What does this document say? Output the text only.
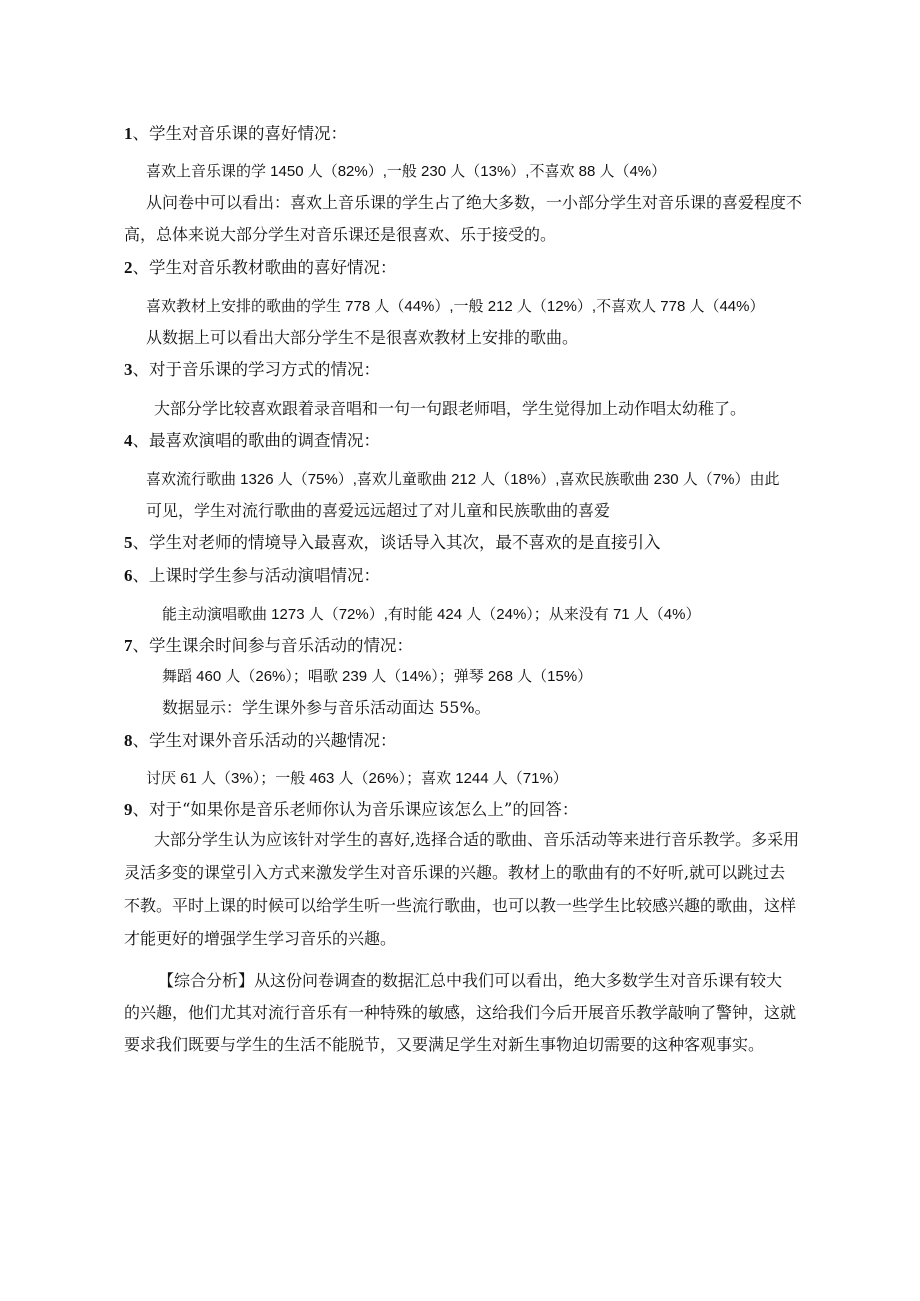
1、学生对音乐课的喜好情况：
喜欢上音乐课的学 1450 人（82%）,一般 230 人（13%）,不喜欢 88 人（4%）
从问卷中可以看出：喜欢上音乐课的学生占了绝大多数，一小部分学生对音乐课的喜爱程度不
高，总体来说大部分学生对音乐课还是很喜欢、乐于接受的。
2、学生对音乐教材歌曲的喜好情况：
喜欢教材上安排的歌曲的学生 778 人（44%）,一般 212 人（12%）,不喜欢人 778 人（44%）
从数据上可以看出大部分学生不是很喜欢教材上安排的歌曲。
3、对于音乐课的学习方式的情况：
大部分学比较喜欢跟着录音唱和一句一句跟老师唱，学生觉得加上动作唱太幼稚了。
4、最喜欢演唱的歌曲的调查情况：
喜欢流行歌曲 1326 人（75%）,喜欢儿童歌曲 212 人（18%）,喜欢民族歌曲 230 人（7%）由此
可见，学生对流行歌曲的喜爱远远超过了对儿童和民族歌曲的喜爱
5、学生对老师的情境导入最喜欢，谈话导入其次，最不喜欢的是直接引入
6、上课时学生参与活动演唱情况：
能主动演唱歌曲 1273 人（72%）,有时能 424 人（24%）；从来没有 71 人（4%）
7、学生课余时间参与音乐活动的情况：
舞蹈 460 人（26%）；唱歌 239 人（14%）；弹琴 268 人（15%）
数据显示：学生课外参与音乐活动面达 55%。
8、学生对课外音乐活动的兴趣情况：
讨厌 61 人（3%）；一般 463 人（26%）；喜欢 1244 人（71%）
9、对于“如果你是音乐老师你认为音乐课应该怎么上”的回答：
大部分学生认为应该针对学生的喜好,选择合适的歌曲、音乐活动等来进行音乐教学。多采用
灵活多变的课堂引入方式来激发学生对音乐课的兴趣。教材上的歌曲有的不好听,就可以跳过去
不教。平时上课的时候可以给学生听一些流行歌曲，也可以教一些学生比较感兴趣的歌曲，这样
才能更好的增强学生学习音乐的兴趣。
【综合分析】从这份问卷调查的数据汇总中我们可以看出，绝大多数学生对音乐课有较大
的兴趣，他们尤其对流行音乐有一种特殊的敏感，这给我们今后开展音乐教学敲响了警钟，这就
要求我们既要与学生的生活不能脱节，又要满足学生对新生事物迫切需要的这种客观事实。
